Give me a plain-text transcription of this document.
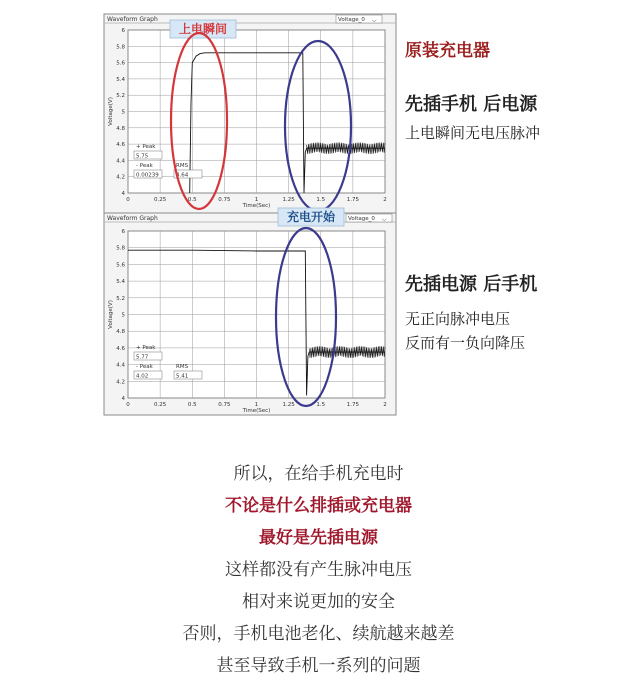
Waveform Graph	Voltage_0 ⌵
0	0.25	0.5	0.75	1	1.25	1.5	1.75	2
4
4.2
4.4
4.6
4.8
5
5.2
5.4
5.6
5.8
6
Time(Sec)
Voltage(V)
+ Peak
5.75
- Peak
0.00239
RMS
4.64
上电瞬间
Waveform Graph	Voltage_0 ⌵
0	0.25	0.5	0.75	1	1.25	1.5	1.75	2
4
4.2
4.4
4.6
4.8
5
5.2
5.4
5.6
5.8
6
Time(Sec)
Voltage(V)
+ Peak
5.77
- Peak
4.02
RMS
5.41
充电开始
原装充电器
先插手机 后电源
上电瞬间无电压脉冲
先插电源 后手机
无正向脉冲电压
反而有一负向降压
所以，在给手机充电时
不论是什么排插或充电器
最好是先插电源
这样都没有产生脉冲电压
相对来说更加的安全
否则，手机电池老化、续航越来越差
甚至导致手机一系列的问题
